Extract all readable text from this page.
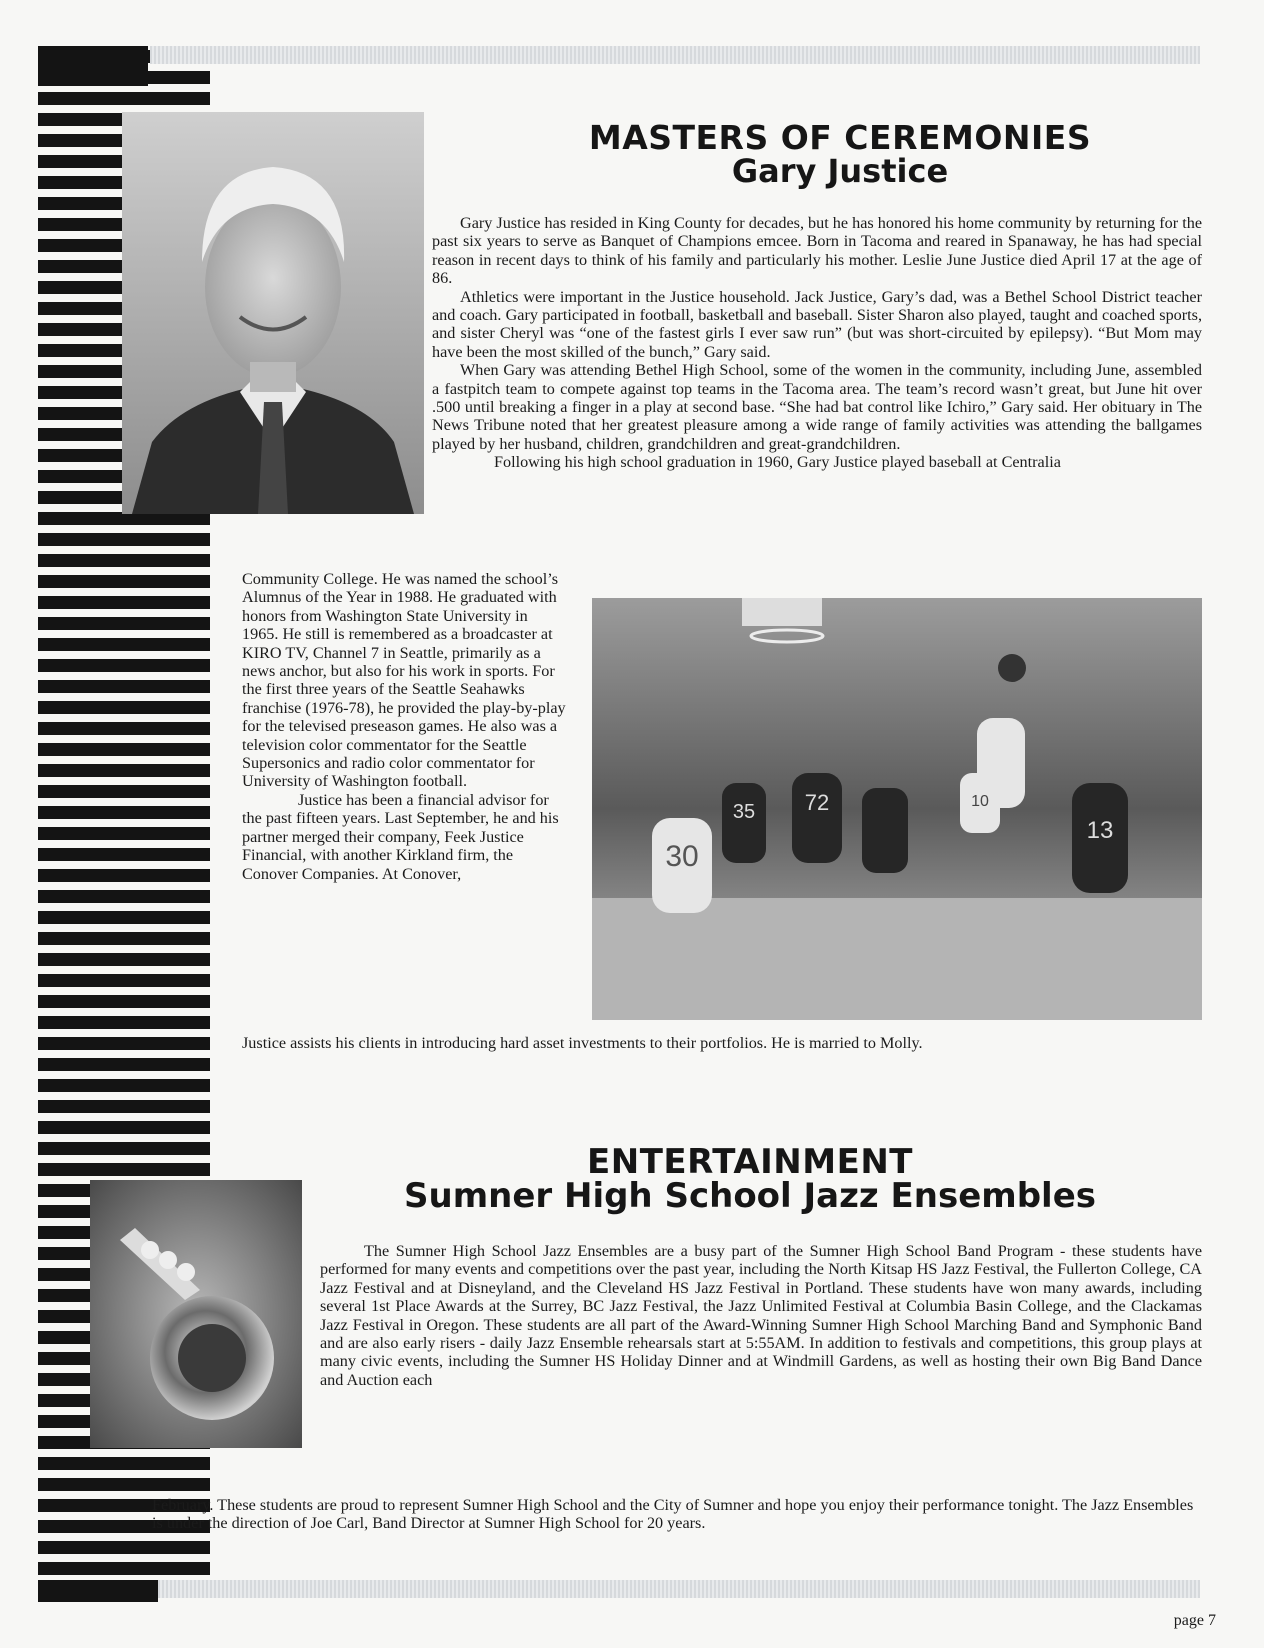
MASTERS OF CEREMONIES
Gary Justice

Gary Justice has resided in King County for decades, but he has honored his home community by returning for the past six years to serve as Banquet of Champions emcee. Born in Tacoma and reared in Spanaway, he has had special reason in recent days to think of his family and particularly his mother. Leslie June Justice died April 17 at the age of 86.

Athletics were important in the Justice household. Jack Justice, Gary’s dad, was a Bethel School District teacher and coach. Gary participated in football, basketball and baseball. Sister Sharon also played, taught and coached sports, and sister Cheryl was “one of the fastest girls I ever saw run” (but was short-circuited by epilepsy). “But Mom may have been the most skilled of the bunch,” Gary said.

When Gary was attending Bethel High School, some of the women in the community, including June, assembled a fastpitch team to compete against top teams in the Tacoma area. The team’s record wasn’t great, but June hit over .500 until breaking a finger in a play at second base. “She had bat control like Ichiro,” Gary said. Her obituary in The News Tribune noted that her greatest pleasure among a wide range of family activities was attending the ballgames played by her husband, children, grandchildren and great-grandchildren.

Following his high school graduation in 1960, Gary Justice played baseball at Centralia

Community College. He was named the school’s Alumnus of the Year in 1988. He graduated with honors from Washington State University in 1965. He still is remembered as a broadcaster at KIRO TV, Channel 7 in Seattle, primarily as a news anchor, but also for his work in sports. For the first three years of the Seattle Seahawks franchise (1976-78), he provided the play-by-play for the televised preseason games. He also was a television color commentator for the Seattle Supersonics and radio color commentator for University of Washington football.

Justice has been a financial advisor for the past fifteen years. Last September, he and his partner merged their company, Feek Justice Financial, with another Kirkland firm, the Conover Companies. At Conover,

30
35 72	10
13

Justice assists his clients in introducing hard asset investments to their portfolios. He is married to Molly.

ENTERTAINMENT
Sumner High School Jazz Ensembles

The Sumner High School Jazz Ensembles are a busy part of the Sumner High School Band Program - these students have performed for many events and competitions over the past year, including the North Kitsap HS Jazz Festival, the Fullerton College, CA Jazz Festival and at Disneyland, and the Cleveland HS Jazz Festival in Portland. These students have won many awards, including several 1st Place Awards at the Surrey, BC Jazz Festival, the Jazz Unlimited Festival at Columbia Basin College, and the Clackamas Jazz Festival in Oregon. These students are all part of the Award-Winning Sumner High School Marching Band and Symphonic Band and are also early risers - daily Jazz Ensemble rehearsals start at 5:55AM. In addition to festivals and competitions, this group plays at many civic events, including the Sumner HS Holiday Dinner and at Windmill Gardens, as well as hosting their own Big Band Dance and Auction each

February. These students are proud to represent Sumner High School and the City of Sumner and hope you enjoy their performance tonight. The Jazz Ensembles is under the direction of Joe Carl, Band Director at Sumner High School for 20 years.

page 7
